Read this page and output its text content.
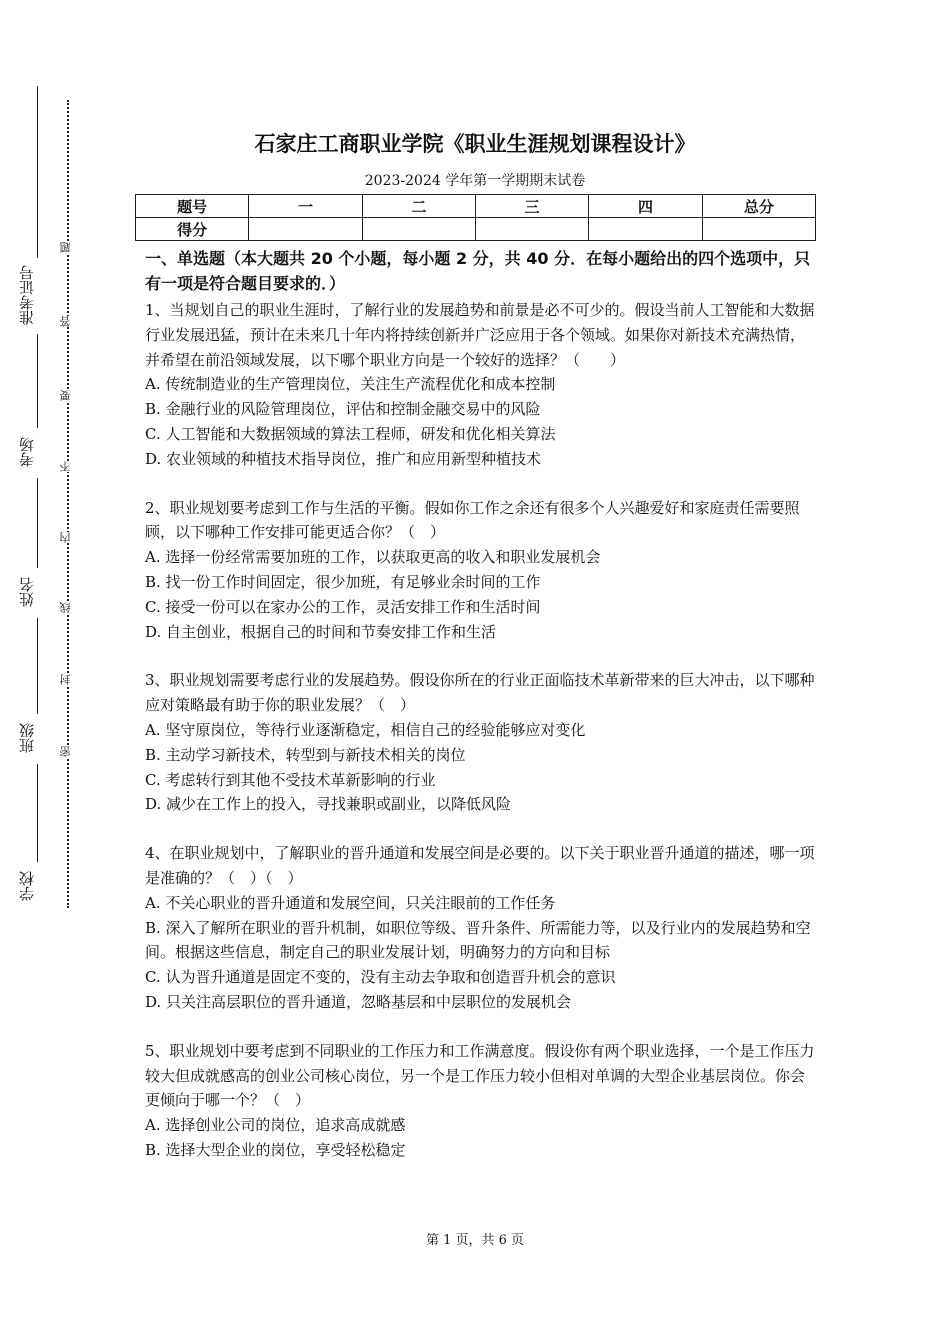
准考证号
考场
姓名
班级
学校
题
答
要
不
内
线
封
密
石家庄工商职业学院《职业生涯规划课程设计》
2023-2024 学年第一学期期末试卷
题号	一	二	三	四	总分
得分					

一、单选题（本大题共 20 个小题，每小题 2 分，共 40 分．在每小题给出的四个选项中，只有一项是符合题目要求的．）

1、当规划自己的职业生涯时，了解行业的发展趋势和前景是必不可少的。假设当前人工智能和大数据行业发展迅猛，预计在未来几十年内将持续创新并广泛应用于各个领域。如果你对新技术充满热情，并希望在前沿领域发展，以下哪个职业方向是一个较好的选择？（　　）

A. 传统制造业的生产管理岗位，关注生产流程优化和成本控制

B. 金融行业的风险管理岗位，评估和控制金融交易中的风险

C. 人工智能和大数据领域的算法工程师，研发和优化相关算法

D. 农业领域的种植技术指导岗位，推广和应用新型种植技术

2、职业规划要考虑到工作与生活的平衡。假如你工作之余还有很多个人兴趣爱好和家庭责任需要照顾，以下哪种工作安排可能更适合你？（　）

A. 选择一份经常需要加班的工作，以获取更高的收入和职业发展机会

B. 找一份工作时间固定，很少加班，有足够业余时间的工作

C. 接受一份可以在家办公的工作，灵活安排工作和生活时间

D. 自主创业，根据自己的时间和节奏安排工作和生活

3、职业规划需要考虑行业的发展趋势。假设你所在的行业正面临技术革新带来的巨大冲击，以下哪种应对策略最有助于你的职业发展？（　）

A. 坚守原岗位，等待行业逐渐稳定，相信自己的经验能够应对变化

B. 主动学习新技术，转型到与新技术相关的岗位

C. 考虑转行到其他不受技术革新影响的行业

D. 减少在工作上的投入，寻找兼职或副业，以降低风险

4、在职业规划中，了解职业的晋升通道和发展空间是必要的。以下关于职业晋升通道的描述，哪一项是准确的？（　）（　）

A. 不关心职业的晋升通道和发展空间，只关注眼前的工作任务

B. 深入了解所在职业的晋升机制，如职位等级、晋升条件、所需能力等，以及行业内的发展趋势和空间。根据这些信息，制定自己的职业发展计划，明确努力的方向和目标

C. 认为晋升通道是固定不变的，没有主动去争取和创造晋升机会的意识

D. 只关注高层职位的晋升通道，忽略基层和中层职位的发展机会

5、职业规划中要考虑到不同职业的工作压力和工作满意度。假设你有两个职业选择，一个是工作压力较大但成就感高的创业公司核心岗位，另一个是工作压力较小但相对单调的大型企业基层岗位。你会更倾向于哪一个？（　）

A. 选择创业公司的岗位，追求高成就感

B. 选择大型企业的岗位，享受轻松稳定

第 1 页，共 6 页
